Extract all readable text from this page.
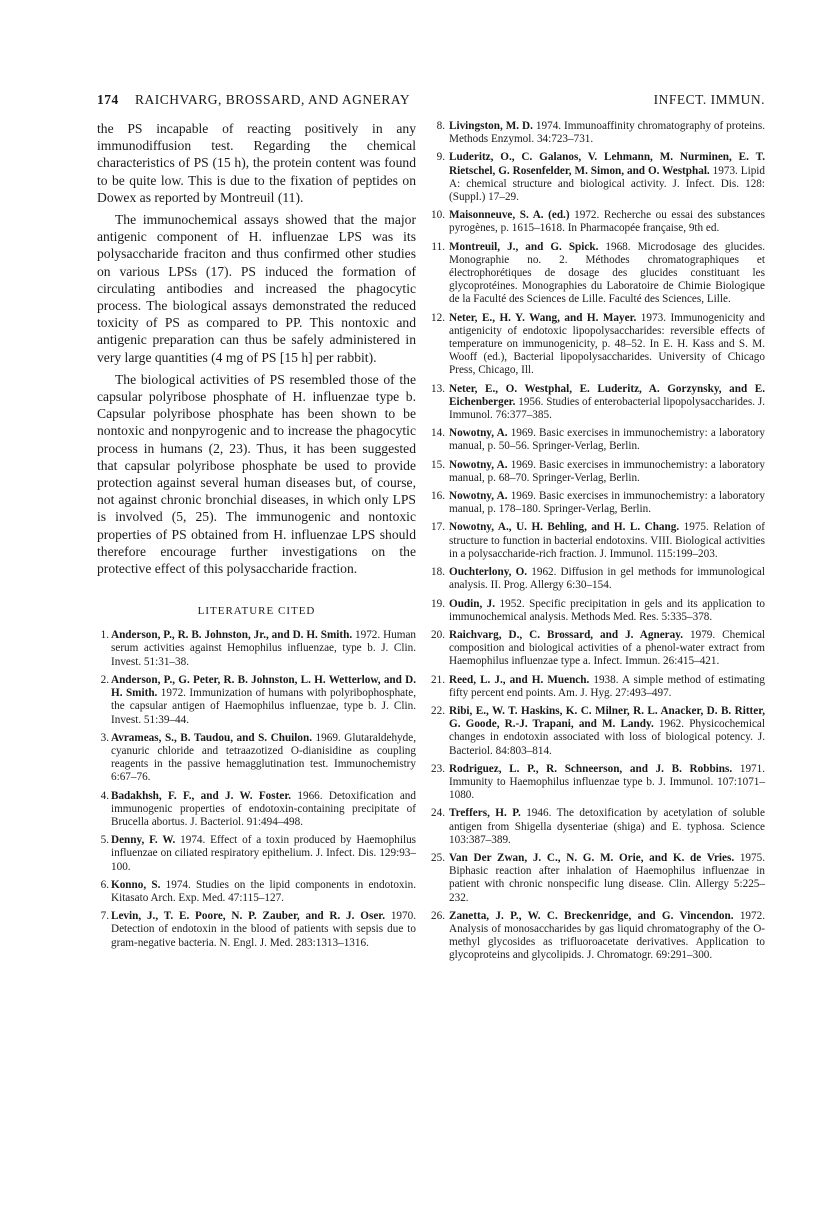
174 RAICHVARG, BROSSARD, AND AGNERAY	INFECT. IMMUN.

the PS incapable of reacting positively in any immunodiffusion test. Regarding the chemical characteristics of PS (15 h), the protein content was found to be quite low. This is due to the fixation of peptides on Dowex as reported by Montreuil (11).

The immunochemical assays showed that the major antigenic component of H. influenzae LPS was its polysaccharide fraciton and thus confirmed other studies on various LPSs (17). PS induced the formation of circulating antibodies and increased the phagocytic process. The biological assays demonstrated the reduced toxicity of PS as compared to PP. This nontoxic and antigenic preparation can thus be safely administered in very large quantities (4 mg of PS [15 h] per rabbit).

The biological activities of PS resembled those of the capsular polyribose phosphate of H. influenzae type b. Capsular polyribose phosphate has been shown to be nontoxic and nonpyrogenic and to increase the phagocytic process in humans (2, 23). Thus, it has been suggested that capsular polyribose phosphate be used to provide protection against several human diseases but, of course, not against chronic bronchial diseases, in which only LPS is involved (5, 25). The immunogenic and nontoxic properties of PS obtained from H. influenzae LPS should therefore encourage further investigations on the protective effect of this polysaccharide fraction.

LITERATURE CITED
1. Anderson, P., R. B. Johnston, Jr., and D. H. Smith. 1972. Human serum activities against Hemophilus influenzae, type b. J. Clin. Invest. 51:31–38.
2. Anderson, P., G. Peter, R. B. Johnston, L. H. Wetterlow, and D. H. Smith. 1972. Immunization of humans with polyribophosphate, the capsular antigen of Haemophilus influenzae, type b. J. Clin. Invest. 51:39–44.
3. Avrameas, S., B. Taudou, and S. Chuilon. 1969. Glutaraldehyde, cyanuric chloride and tetraazotized O-dianisidine as coupling reagents in the passive hemagglutination test. Immunochemistry 6:67–76.
4. Badakhsh, F. F., and J. W. Foster. 1966. Detoxification and immunogenic properties of endotoxin-containing precipitate of Brucella abortus. J. Bacteriol. 91:494–498.
5. Denny, F. W. 1974. Effect of a toxin produced by Haemophilus influenzae on ciliated respiratory epithelium. J. Infect. Dis. 129:93–100.
6. Konno, S. 1974. Studies on the lipid components in endotoxin. Kitasato Arch. Exp. Med. 47:115–127.
7. Levin, J., T. E. Poore, N. P. Zauber, and R. J. Oser. 1970. Detection of endotoxin in the blood of patients with sepsis due to gram-negative bacteria. N. Engl. J. Med. 283:1313–1316.
8. Livingston, M. D. 1974. Immunoaffinity chromatography of proteins. Methods Enzymol. 34:723–731.
9. Luderitz, O., C. Galanos, V. Lehmann, M. Nurminen, E. T. Rietschel, G. Rosenfelder, M. Simon, and O. Westphal. 1973. Lipid A: chemical structure and biological activity. J. Infect. Dis. 128: (Suppl.) 17–29.
10. Maisonneuve, S. A. (ed.) 1972. Recherche ou essai des substances pyrogènes, p. 1615–1618. In Pharmacopée française, 9th ed.
11. Montreuil, J., and G. Spick. 1968. Microdosage des glucides. Monographie no. 2. Méthodes chromatographiques et électrophorétiques de dosage des glucides constituant les glycoprotéines. Monographies du Laboratoire de Chimie Biologique de la Faculté des Sciences de Lille. Faculté des Sciences, Lille.
12. Neter, E., H. Y. Wang, and H. Mayer. 1973. Immunogenicity and antigenicity of endotoxic lipopolysaccharides: reversible effects of temperature on immunogenicity, p. 48–52. In E. H. Kass and S. M. Wooff (ed.), Bacterial lipopolysaccharides. University of Chicago Press, Chicago, Ill.
13. Neter, E., O. Westphal, E. Luderitz, A. Gorzynsky, and E. Eichenberger. 1956. Studies of enterobacterial lipopolysaccharides. J. Immunol. 76:377–385.
14. Nowotny, A. 1969. Basic exercises in immunochemistry: a laboratory manual, p. 50–56. Springer-Verlag, Berlin.
15. Nowotny, A. 1969. Basic exercises in immunochemistry: a laboratory manual, p. 68–70. Springer-Verlag, Berlin.
16. Nowotny, A. 1969. Basic exercises in immunochemistry: a laboratory manual, p. 178–180. Springer-Verlag, Berlin.
17. Nowotny, A., U. H. Behling, and H. L. Chang. 1975. Relation of structure to function in bacterial endotoxins. VIII. Biological activities in a polysaccharide-rich fraction. J. Immunol. 115:199–203.
18. Ouchterlony, O. 1962. Diffusion in gel methods for immunological analysis. II. Prog. Allergy 6:30–154.
19. Oudin, J. 1952. Specific precipitation in gels and its application to immunochemical analysis. Methods Med. Res. 5:335–378.
20. Raichvarg, D., C. Brossard, and J. Agneray. 1979. Chemical composition and biological activities of a phenol-water extract from Haemophilus influenzae type a. Infect. Immun. 26:415–421.
21. Reed, L. J., and H. Muench. 1938. A simple method of estimating fifty percent end points. Am. J. Hyg. 27:493–497.
22. Ribi, E., W. T. Haskins, K. C. Milner, R. L. Anacker, D. B. Ritter, G. Goode, R.-J. Trapani, and M. Landy. 1962. Physicochemical changes in endotoxin associated with loss of biological potency. J. Bacteriol. 84:803–814.
23. Rodriguez, L. P., R. Schneerson, and J. B. Robbins. 1971. Immunity to Haemophilus influenzae type b. J. Immunol. 107:1071–1080.
24. Treffers, H. P. 1946. The detoxification by acetylation of soluble antigen from Shigella dysenteriae (shiga) and E. typhosa. Science 103:387–389.
25. Van Der Zwan, J. C., N. G. M. Orie, and K. de Vries. 1975. Biphasic reaction after inhalation of Haemophilus influenzae in patient with chronic nonspecific lung disease. Clin. Allergy 5:225–232.
26. Zanetta, J. P., W. C. Breckenridge, and G. Vincendon. 1972. Analysis of monosaccharides by gas liquid chromatography of the O-methyl glycosides as trifluoroacetate derivatives. Application to glycoproteins and glycolipids. J. Chromatogr. 69:291–300.
